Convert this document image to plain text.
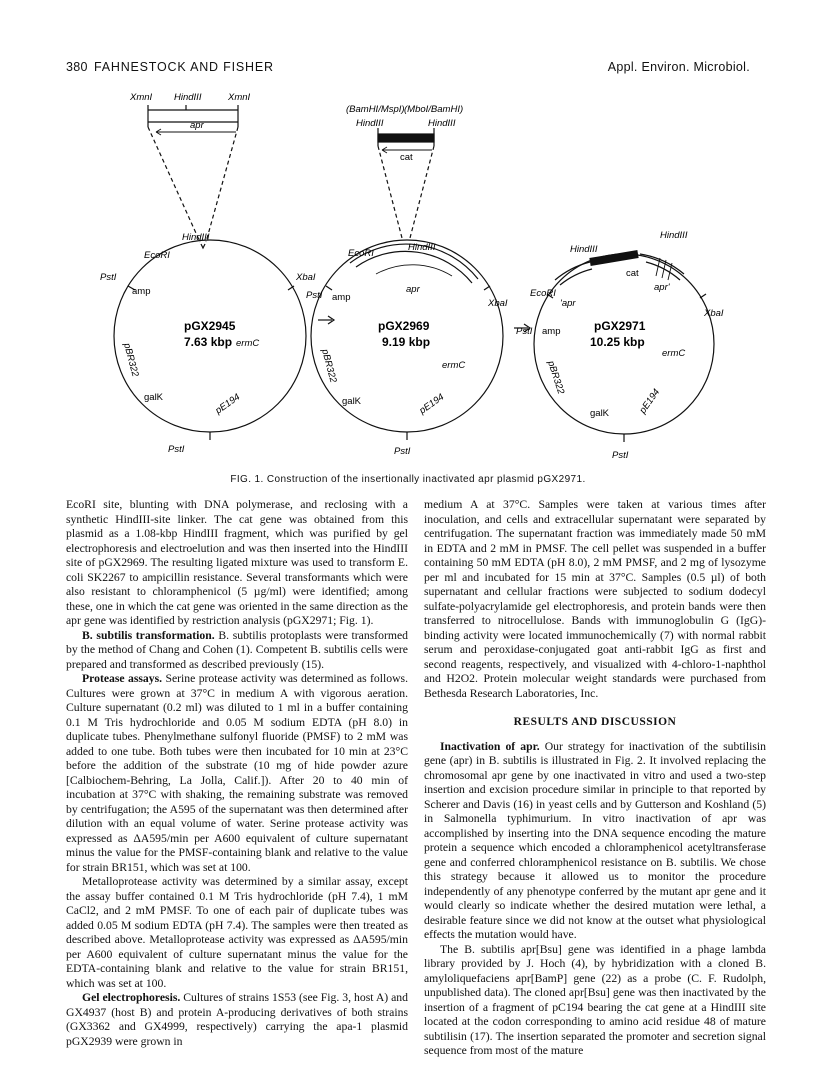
380 FAHNESTOCK AND FISHER	Appl. Environ. Microbiol.
XmnI HindIII	XmnI
apr
EcoRI
HindIII
PstI	XbaI
amp
pGX2945
7.63 kbp ermC
pBR322
galK	pE194
PstI
(BamHI/MspI) (MboI/BamHI)
HindIII	HindIII
cat
HindIII
EcoRI
apr
PstI amp
XbaI
pGX2969
9.19 kbp
ermC
pBR322
galK	pE194
PstI
HindIII
HindIII
EcoRI
cat
apr'
'apr
XbaI
PstI amp	pGX2971
10.25 kbp
ermC
pBR322
galK	pE194
PstI
FIG. 1. Construction of the insertionally inactivated apr plasmid pGX2971.

EcoRI site, blunting with DNA polymerase, and reclosing with a synthetic HindIII-site linker. The cat gene was obtained from this plasmid as a 1.08-kbp HindIII fragment, which was purified by gel electrophoresis and electroelution and was then inserted into the HindIII site of pGX2969. The resulting ligated mixture was used to transform E. coli SK2267 to ampicillin resistance. Several transformants which were also resistant to chloramphenicol (5 µg/ml) were identified; among these, one in which the cat gene was oriented in the same direction as the apr gene was identified by restriction analysis (pGX2971; Fig. 1).

B. subtilis transformation. B. subtilis protoplasts were transformed by the method of Chang and Cohen (1). Competent B. subtilis cells were prepared and transformed as described previously (15).

Protease assays. Serine protease activity was determined as follows. Cultures were grown at 37°C in medium A with vigorous aeration. Culture supernatant (0.2 ml) was diluted to 1 ml in a buffer containing 0.1 M Tris hydrochloride and 0.05 M sodium EDTA (pH 8.0) in duplicate tubes. Phenylmethane sulfonyl fluoride (PMSF) to 2 mM was added to one tube. Both tubes were then incubated for 10 min at 23°C before the addition of the substrate (10 mg of hide powder azure [Calbiochem-Behring, La Jolla, Calif.]). After 20 to 40 min of incubation at 37°C with shaking, the remaining substrate was removed by centrifugation; the A595 of the supernatant was then determined after dilution with an equal volume of water. Serine protease activity was expressed as ΔA595/min per A600 equivalent of culture supernatant minus the value for the PMSF-containing blank and relative to the value for strain BR151, which was set at 100.

Metalloprotease activity was determined by a similar assay, except the assay buffer contained 0.1 M Tris hydrochloride (pH 7.4), 1 mM CaCl2, and 2 mM PMSF. To one of each pair of duplicate tubes was added 0.05 M sodium EDTA (pH 7.4). The samples were then treated as described above. Metalloprotease activity was expressed as ΔA595/min per A600 equivalent of culture supernatant minus the value for the EDTA-containing blank and relative to the value for strain BR151, which was set at 100.

Gel electrophoresis. Cultures of strains 1S53 (see Fig. 3, host A) and GX4937 (host B) and protein A-producing derivatives of both strains (GX3362 and GX4999, respectively) carrying the apa-1 plasmid pGX2939 were grown in

medium A at 37°C. Samples were taken at various times after inoculation, and cells and extracellular supernatant were separated by centrifugation. The supernatant fraction was immediately made 50 mM in EDTA and 2 mM in PMSF. The cell pellet was suspended in a buffer containing 50 mM EDTA (pH 8.0), 2 mM PMSF, and 2 mg of lysozyme per ml and incubated for 15 min at 37°C. Samples (0.5 µl) of both supernatant and cellular fractions were subjected to sodium dodecyl sulfate-polyacrylamide gel electrophoresis, and protein bands were then transferred to nitrocellulose. Bands with immunoglobulin G (IgG)-binding activity were located immunochemically (7) with normal rabbit serum and peroxidase-conjugated goat anti-rabbit IgG as first and second reagents, respectively, and visualized with 4-chloro-1-naphthol and H2O2. Protein molecular weight standards were purchased from Bethesda Research Laboratories, Inc.

RESULTS AND DISCUSSION

Inactivation of apr. Our strategy for inactivation of the subtilisin gene (apr) in B. subtilis is illustrated in Fig. 2. It involved replacing the chromosomal apr gene by one inactivated in vitro and used a two-step insertion and excision procedure similar in principle to that reported by Scherer and Davis (16) in yeast cells and by Gutterson and Koshland (5) in Salmonella typhimurium. In vitro inactivation of apr was accomplished by inserting into the DNA sequence encoding the mature protein a sequence which encoded a chloramphenicol acetyltransferase gene and conferred chloramphenicol resistance on B. subtilis. We chose this strategy because it allowed us to monitor the procedure independently of any phenotype conferred by the mutant apr gene and it would clearly so indicate whether the desired mutation were lethal, a desirable feature since we did not know at the outset what physiological effects the mutation would have.

The B. subtilis apr[Bsu] gene was identified in a phage lambda library provided by J. Hoch (4), by hybridization with a cloned B. amyloliquefaciens apr[BamP] gene (22) as a probe (C. F. Rudolph, unpublished data). The cloned apr[Bsu] gene was then inactivated by the insertion of a fragment of pC194 bearing the cat gene at a HindIII site located at the codon corresponding to amino acid residue 48 of mature subtilisin (17). The insertion separated the promoter and secretion signal sequence from most of the mature
